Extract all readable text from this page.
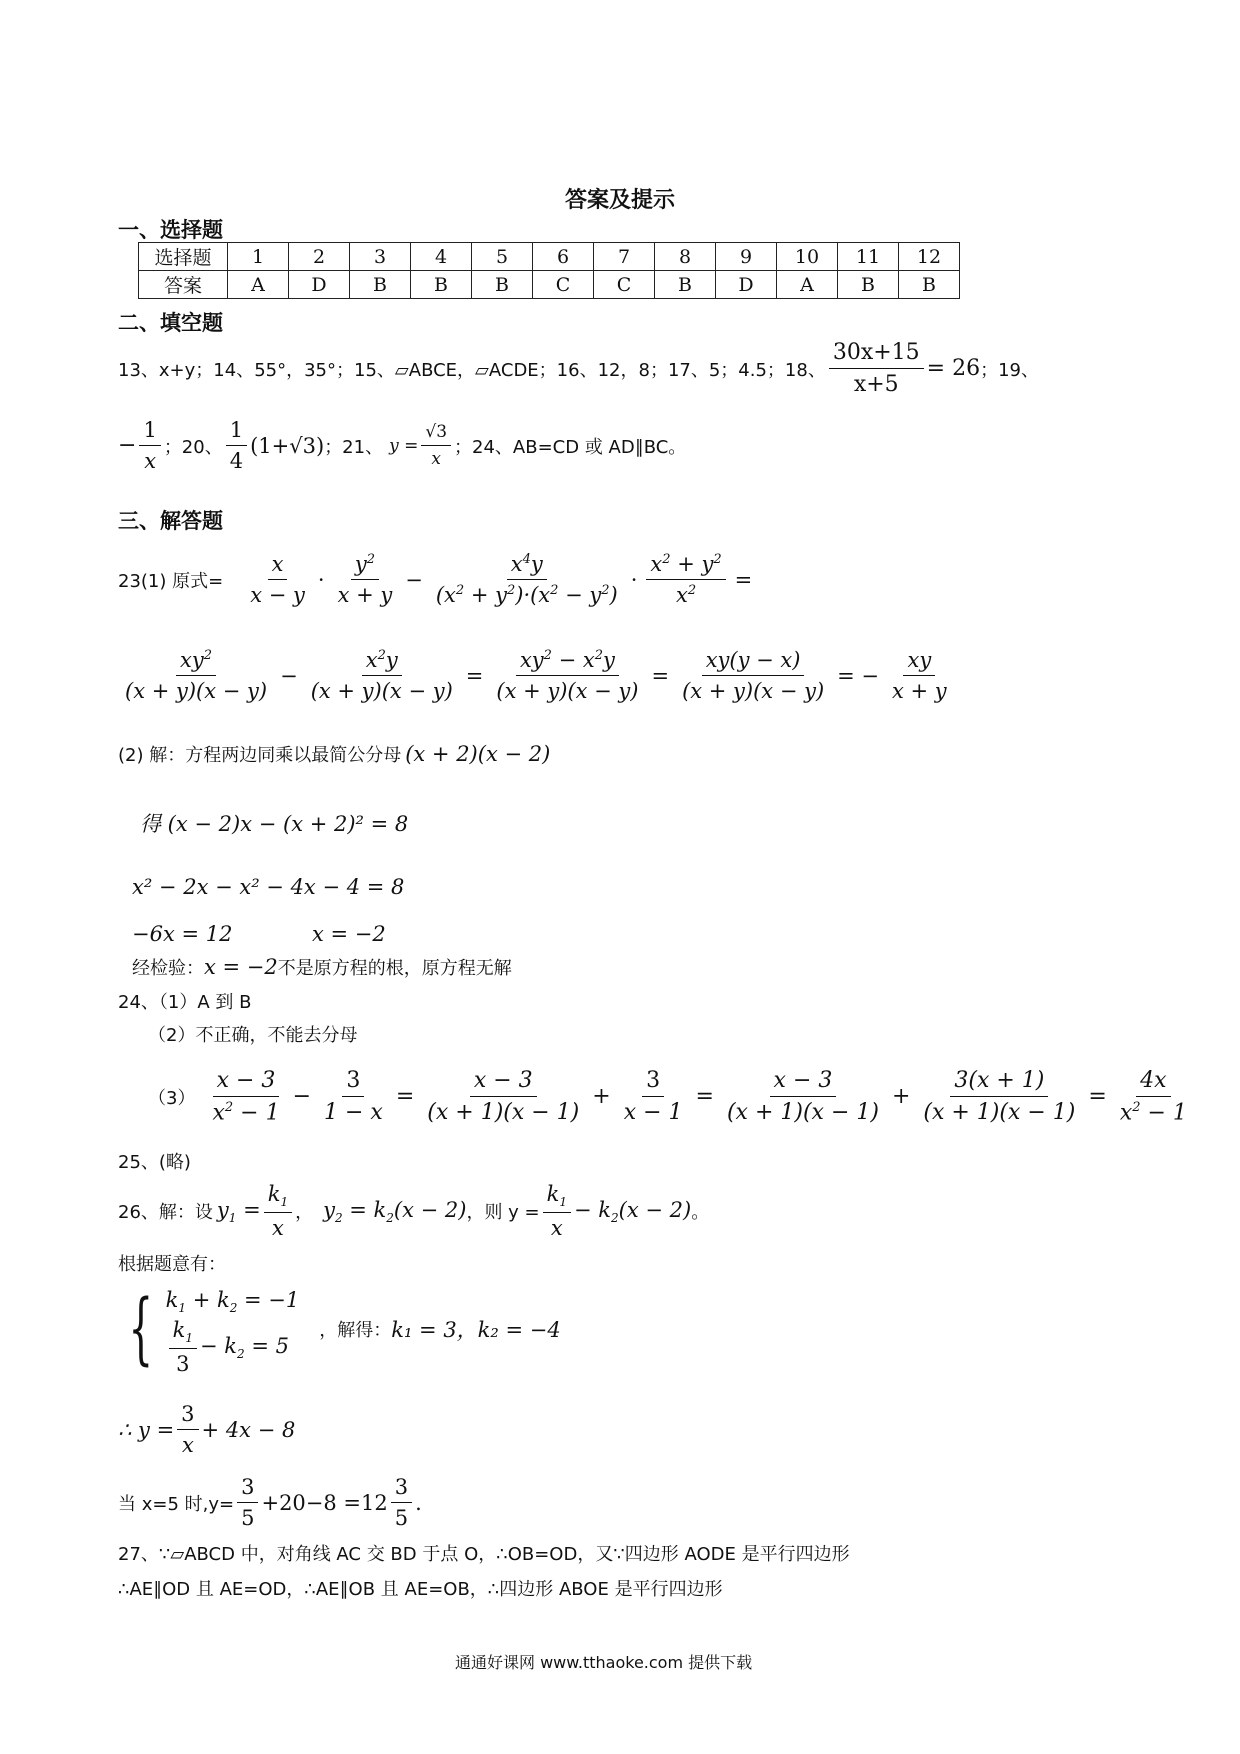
答案及提示
一、选择题
选择题	1	2	3	4	5	6	7	8	9	10	11	12
答案	A	D	B	B	B	C	C	B	D	A	B	B
二、填空题
13、x+y；14、55°，35°；15、▱ABCE，▱ACDE；16、12，8；17、5；4.5；18、 $\frac{30x+15}{x+5} = 26$ ；19、
− $\frac{1}{x}$ ；20、 $\frac{1}{4} (1+√3)$ ；21、 $y = \frac{√3}{x}$ ；24、AB=CD 或 AD∥BC。
三、解答题
23(1) 原式= $\frac{x}{x - y} \cdot \frac{y^2}{x + y} - \frac{x^4y}{(x^2 + y^2)\cdot(x^2 - y^2)} \cdot \frac{x^2 + y^2}{x^2}$ =
$\frac{xy^2}{(x + y)(x - y)} - \frac{x^2y}{(x + y)(x - y)} = \frac{xy^2 - x^2y}{(x + y)(x - y)} = \frac{xy(y - x)}{(x + y)(x - y)}$ = − $\frac{xy}{x + y}$
(2) 解：方程两边同乘以最简公分母 (x + 2)(x − 2)
得 (x − 2)x − (x + 2)² = 8
x² − 2x − x² − 4x − 4 = 8
−6x = 12	x = −2
经检验： x = −2 不是原方程的根，原方程无解
24、（1）A 到 B
（2）不正确，不能去分母
$(3) \frac{x - 3}{x^2 - 1} - \frac{3}{1 - x} = \frac{x - 3}{(x + 1)(x - 1)} + \frac{3}{x - 1} = \frac{x - 3}{(x + 1)(x - 1)} + \frac{3(x + 1)}{(x + 1)(x - 1)} = \frac{4x}{x^2 - 1}$
25、(略)
26、解：设 $y_1 = \frac{k_1}{x}$ ， $y_2 = k_2(x - 2)$ ，则 $y = \frac{k_1}{x} - k_2(x - 2)$ 。
根据题意有：
{ $k_1 + k_2 = -1$
$\frac{k_1}{3} - k_2 = 5$
，解得： k₁ = 3，k₂ = −4
∴ $y = \frac{3}{x} + 4x - 8$
当 x=5 时$,y= \frac{3}{5} +20-8 =12 \frac{3}{5}$ .
27、∵▱ABCD 中，对角线 AC 交 BD 于点 O，∴OB=OD，又∵四边形 AODE 是平行四边形
∴AE∥OD 且 AE=OD，∴AE∥OB 且 AE=OB，∴四边形 ABOE 是平行四边形
通通好课网 www.tthaoke.com 提供下载
